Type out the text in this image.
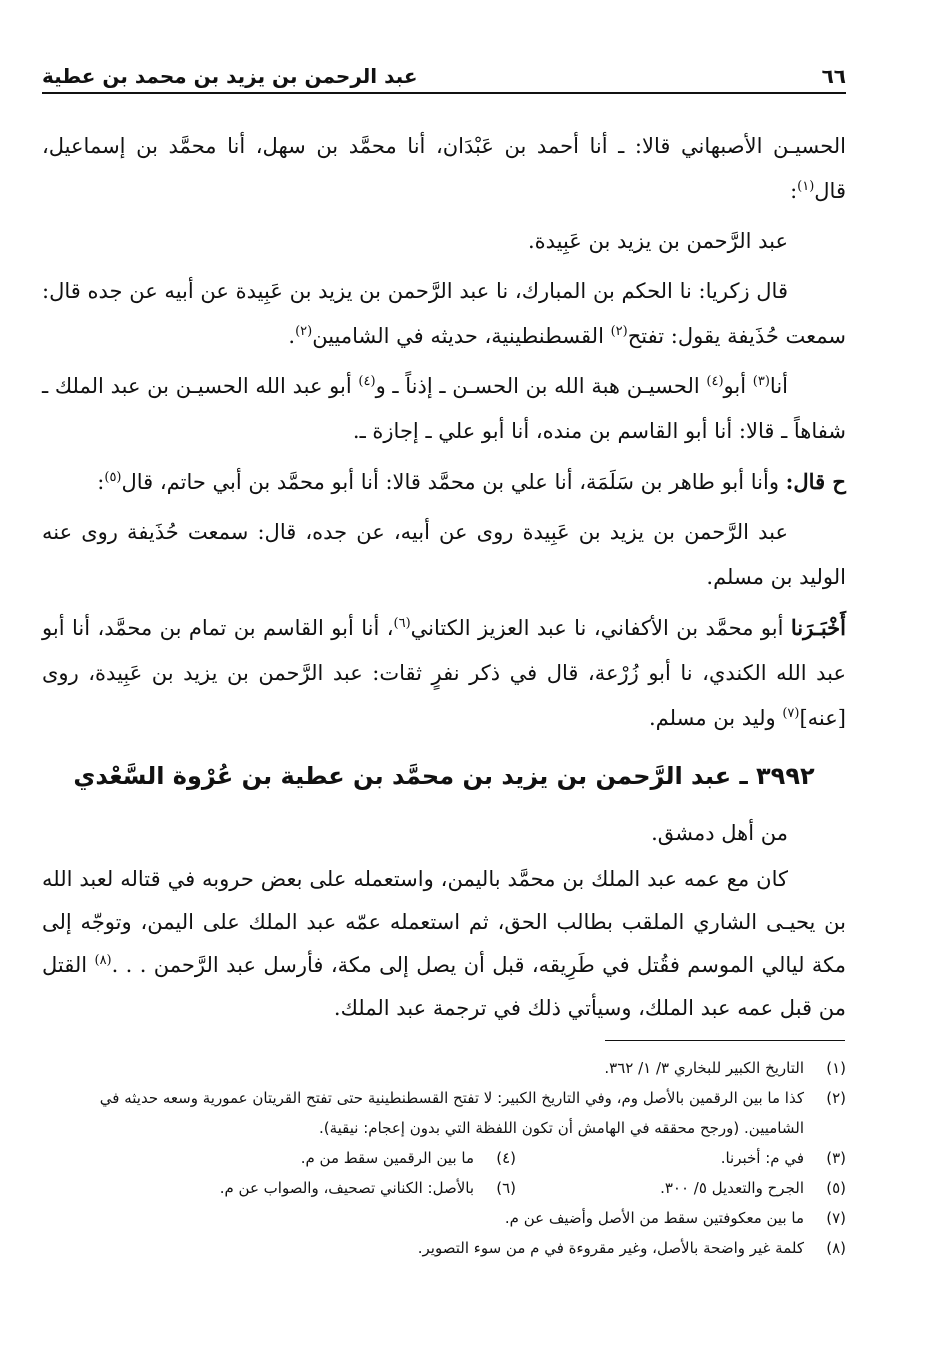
٦٦
عبد الرحمن بن يزيد بن محمد بن عطية

الحسيـن الأصبهاني قالا: ـ أنا أحمد بن عَبْدَان، أنا محمَّد بن سهل، أنا محمَّد بن إسماعيل، قال$^{(١)}$:

عبد الرَّحمن بن يزيد بن عَبِيدة.

قال زكريا: نا الحكم بن المبارك، نا عبد الرَّحمن بن يزيد بن عَبِيدة عن أبيه عن جده قال: سمعت حُذَيفة يقول: تفتح$^{(٢)}$ القسطنطينية، حديثه في الشاميين$^{(٢)}$.

أنا$^{(٣)}$ أبو$^{(٤)}$ الحسيـن هبة الله بن الحسـن ـ إذناً ـ و$^{(٤)}$ أبو عبد الله الحسيـن بن عبد الملك ـ شفاهاً ـ قالا: أنا أبو القاسم بن منده، أنا أبو علي ـ إجازة ـ.

ح قال: وأنا أبو طاهر بن سَلَمَة، أنا علي بن محمَّد قالا: أنا أبو محمَّد بن أبي حاتم، قال$^{(٥)}$:

عبد الرَّحمن بن يزيد بن عَبِيدة روى عن أبيه، عن جده، قال: سمعت حُذَيفة روى عنه الوليد بن مسلم.

أَخْبَـرَنا أبو محمَّد بن الأكفاني، نا عبد العزيز الكتاني$^{(٦)}$، أنا أبو القاسم بن تمام بن محمَّد، أنا أبو عبد الله الكندي، نا أبو زُرْعة، قال في ذكر نفرٍ ثقات: عبد الرَّحمن بن يزيد بن عَبِيدة، روى [عنه]$^{(٧)}$ وليد بن مسلم.

٣٩٩٢ ـ عبد الرَّحمن بن يزيد بن محمَّد بن عطية بن عُرْوة السَّعْدي

من أهل دمشق.

كان مع عمه عبد الملك بن محمَّد باليمن، واستعمله على بعض حروبه في قتاله لعبد الله بن يحيـى الشاري الملقب بطالب الحق، ثم استعمله عمّه عبد الملك على اليمن، وتوجّه إلى مكة ليالي الموسم فقُتل في طَرِيقه، قبل أن يصل إلى مكة، فأرسل عبد الرَّحمن . . .$^{(٨)}$ القتل من قبل عمه عبد الملك، وسيأتي ذلك في ترجمة عبد الملك.

(١)
التاريخ الكبير للبخاري ٣/ ١/ ٣٦٢.
(٢)
كذا ما بين الرقمين بالأصل وم، وفي التاريخ الكبير: لا تفتح القسطنطينية حتى تفتح القريتان عمورية وسعه حديثه في الشاميين. (ورجح محققه في الهامش أن تكون اللفظة التي بدون إعجام: نيقية).
(٣)
في م: أخبرنا.
(٤)
ما بين الرقمين سقط من م.
(٥)
الجرح والتعديل ٥/ ٣٠٠.
(٦)
بالأصل: الكناني تصحيف، والصواب عن م.
(٧)
ما بين معكوفتين سقط من الأصل وأضيف عن م.
(٨)
كلمة غير واضحة بالأصل، وغير مقروءة في م من سوء التصوير.
